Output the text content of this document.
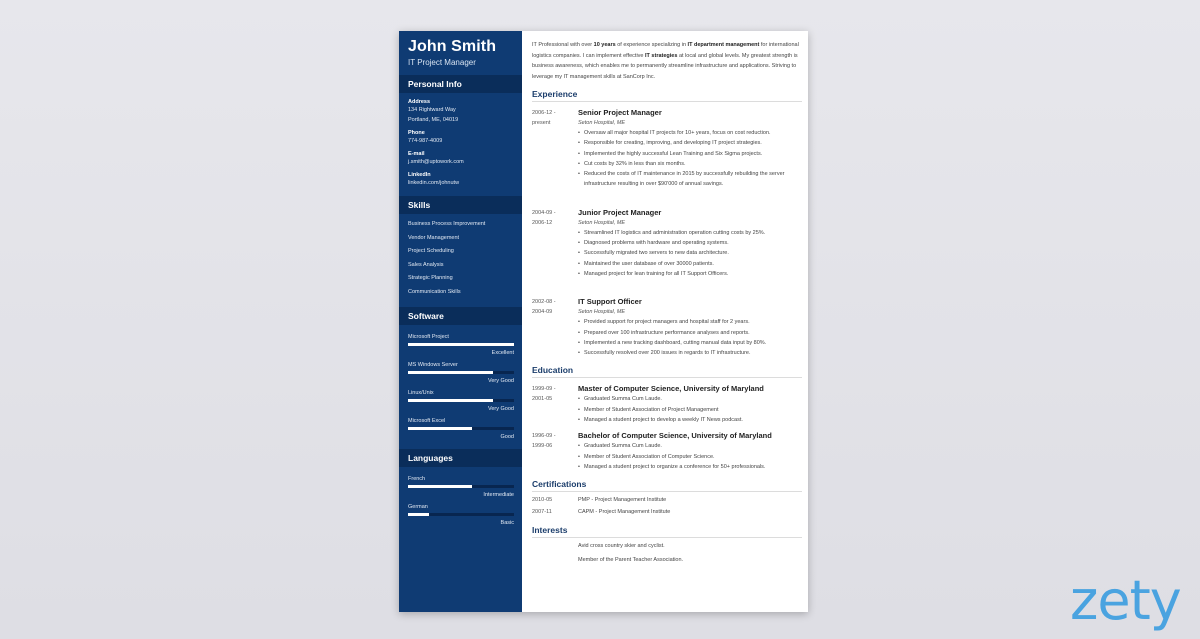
John Smith
IT Project Manager
Personal Info
Address
134 Rightward Way
Portland, ME, 04019
Phone
774-987-4009
E-mail
j.smith@uptowork.com
LinkedIn
linkedin.com/johnutw
Skills
Business Process Improvement
Vendor Management
Project Scheduling
Sales Analysis
Strategic Planning
Communication Skills
Software
Microsoft Project
Excellent
MS Windows Server
Very Good
Linux/Unix
Very Good
Microsoft Excel
Good
Languages
French
Intermediate
German
Basic
IT Professional with over 10 years of experience specializing in IT department management for international logistics companies. I can implement effective IT strategies at local and global levels. My greatest strength is business awareness, which enables me to permanently streamline infrastructure and applications. Striving to leverage my IT management skills at SanCorp Inc.
Experience
2006-12 -
present
Senior Project Manager
Seton Hospital, ME
• Oversaw all major hospital IT projects for 10+ years, focus on cost reduction.
• Responsible for creating, improving, and developing IT project strategies.
• Implemented the highly successful Lean Training and Six Sigma projects.
• Cut costs by 32% in less than six months.
• Reduced the costs of IT maintenance in 2015 by successfully rebuilding the server infrastructure resulting in over $90'000 of annual savings.
2004-09 -
2006-12
Junior Project Manager
Seton Hospital, ME
• Streamlined IT logistics and administration operation cutting costs by 25%.
• Diagnosed problems with hardware and operating systems.
• Successfully migrated two servers to new data architecture.
• Maintained the user database of over 30000 patients.
• Managed project for lean training for all IT Support Officers.
2002-08 -
2004-09
IT Support Officer
Seton Hospital, ME
• Provided support for project managers and hospital staff for 2 years.
• Prepared over 100 infrastructure performance analyses and reports.
• Implemented a new tracking dashboard, cutting manual data input by 80%.
• Successfully resolved over 200 issues in regards to IT infrastructure.
Education
1999-09 -
2001-05
Master of Computer Science, University of Maryland
• Graduated Summa Cum Laude.
• Member of Student Association of Project Management
• Managed a student project to develop a weekly IT News podcast.
1996-09 -
1999-06
Bachelor of Computer Science, University of Maryland
• Graduated Summa Cum Laude.
• Member of Student Association of Computer Science.
• Managed a student project to organize a conference for 50+ professionals.
Certifications
2010-05	PMP - Project Management Institute
2007-11	CAPM - Project Management Institute
Interests
Avid cross country skier and cyclist.
Member of the Parent Teacher Association.
zety
